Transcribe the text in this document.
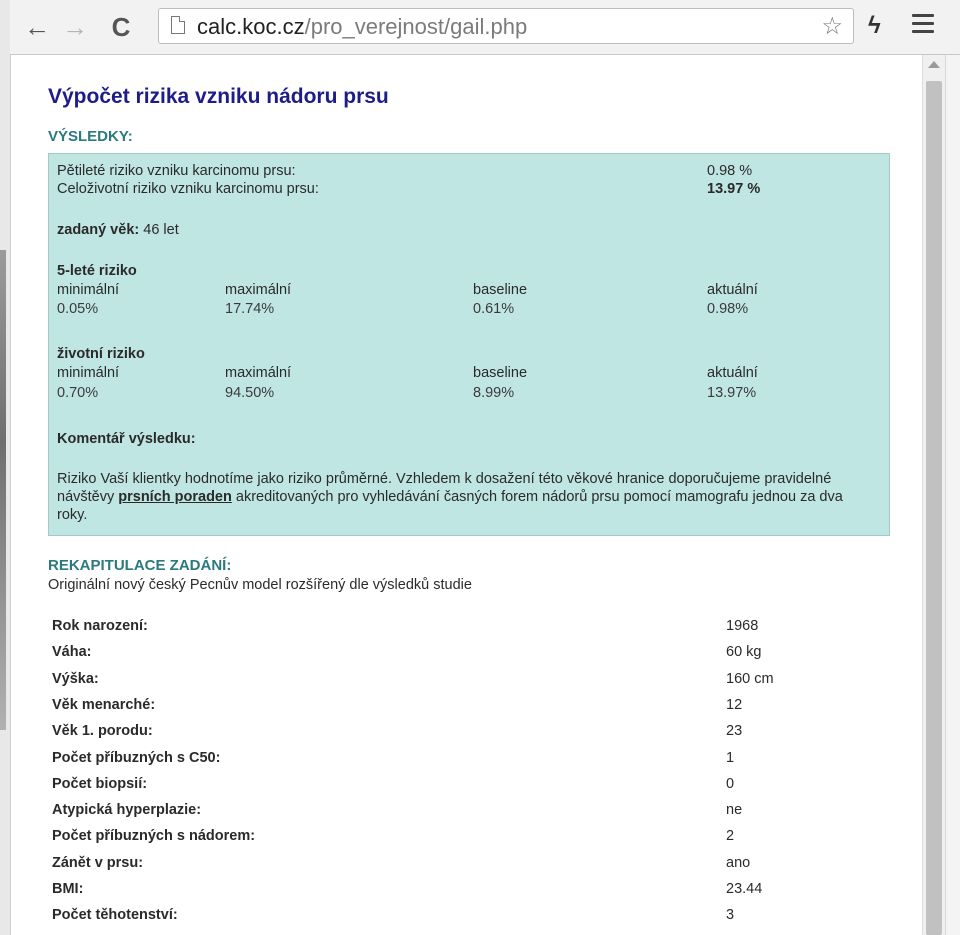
← → C	calc.koc.cz/pro_verejnost/gail.php	☆ ϟ
Výpočet rizika vzniku nádoru prsu
VÝSLEDKY:
Pětileté riziko vzniku karcinomu prsu:	0.98 %
Celoživotní riziko vzniku karcinomu prsu:	13.97 %
zadaný věk: 46 let
5-leté riziko
minimální	maximální	baseline	aktuální
0.05%	17.74%	0.61%	0.98%
životní riziko
minimální	maximální	baseline	aktuální
0.70%	94.50%	8.99%	13.97%
Komentář výsledku:
Riziko Vaší klientky hodnotíme jako riziko průměrné. Vzhledem k dosažení této věkové hranice doporučujeme pravidelné návštěvy prsních poraden akreditovaných pro vyhledávání časných forem nádorů prsu pomocí mamografu jednou za dva roky.
REKAPITULACE ZADÁNÍ:
Originální nový český Pecnův model rozšířený dle výsledků studie
Rok narození:	1968
Váha:	60 kg
Výška:	160 cm
Věk menarché:	12
Věk 1. porodu:	23
Počet příbuzných s C50:	1
Počet biopsií:	0
Atypická hyperplazie:	ne
Počet příbuzných s nádorem:	2
Zánět v prsu:	ano
BMI:	23.44
Počet těhotenství:	3
